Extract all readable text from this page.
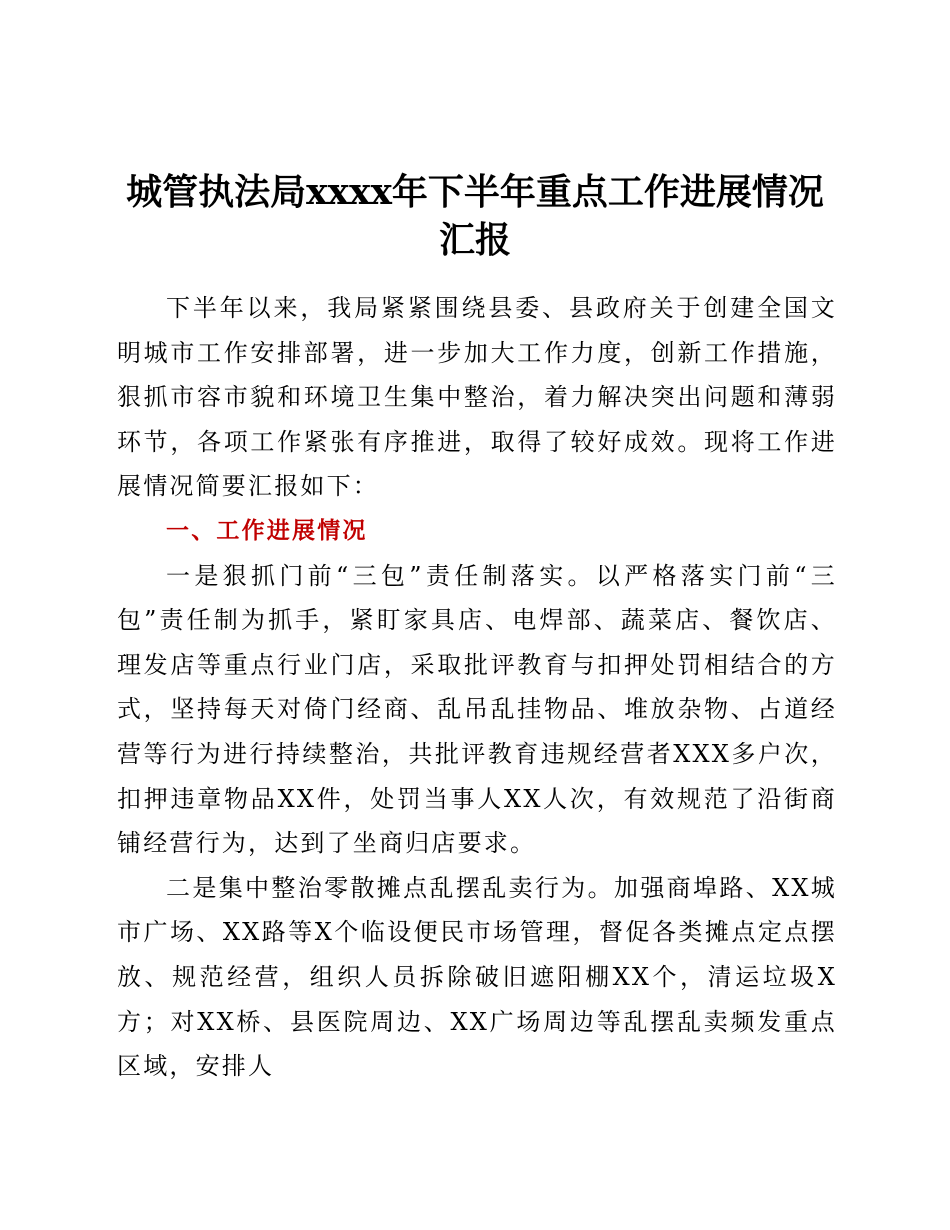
城管执法局xxxx年下半年重点工作进展情况汇报

下半年以来，我局紧紧围绕县委、县政府关于创建全国文明城市工作安排部署，进一步加大工作力度，创新工作措施，狠抓市容市貌和环境卫生集中整治，着力解决突出问题和薄弱环节，各项工作紧张有序推进，取得了较好成效。现将工作进展情况简要汇报如下：

一、工作进展情况

一是狠抓门前“三包”责任制落实。以严格落实门前“三包”责任制为抓手，紧盯家具店、电焊部、蔬菜店、餐饮店、理发店等重点行业门店，采取批评教育与扣押处罚相结合的方式，坚持每天对倚门经商、乱吊乱挂物品、堆放杂物、占道经营等行为进行持续整治，共批评教育违规经营者XXX多户次，扣押违章物品XX件，处罚当事人XX人次，有效规范了沿街商铺经营行为，达到了坐商归店要求。

二是集中整治零散摊点乱摆乱卖行为。加强商埠路、XX城市广场、XX路等X个临设便民市场管理，督促各类摊点定点摆放、规范经营，组织人员拆除破旧遮阳棚XX个，清运垃圾X方；对XX桥、县医院周边、XX广场周边等乱摆乱卖频发重点区域，安排人
